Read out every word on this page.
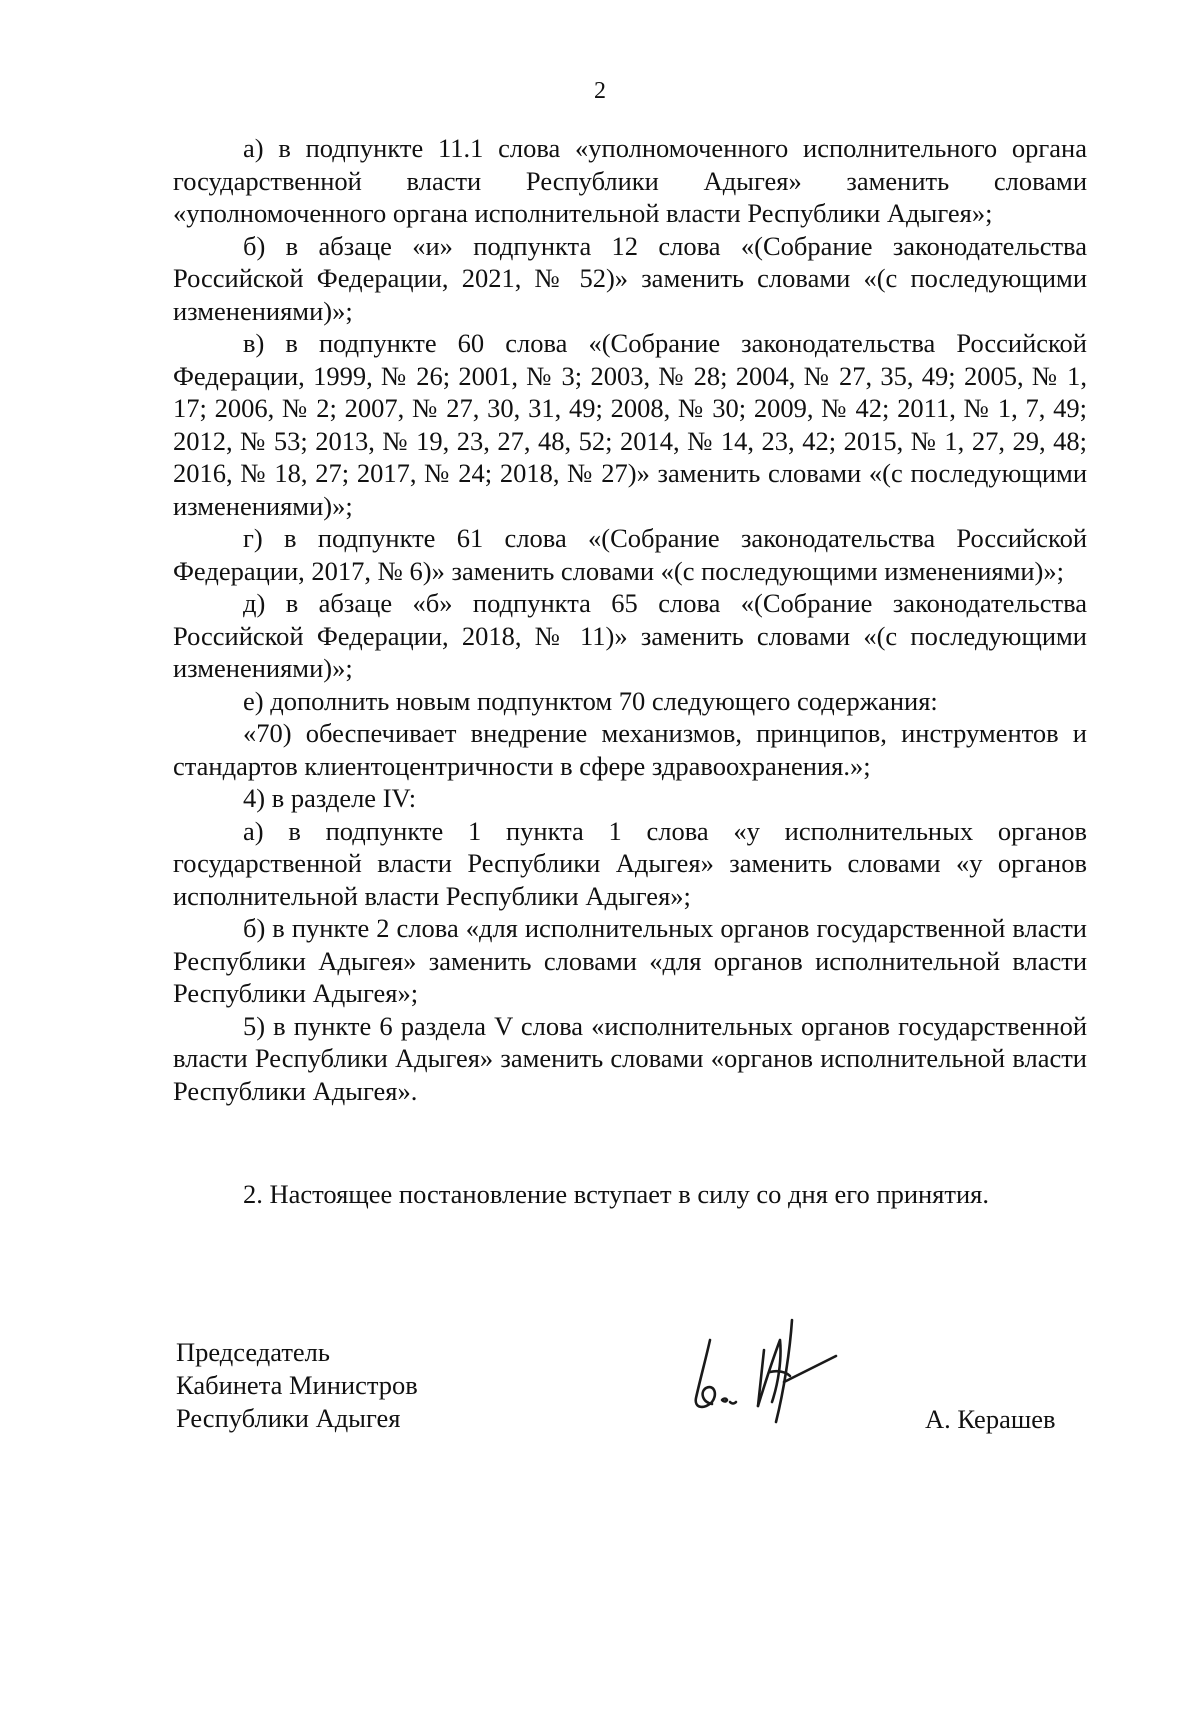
2

а) в подпункте 11.1 слова «уполномоченного исполнительного органа государственной власти Республики Адыгея» заменить словами «уполномоченного органа исполнительной власти Республики Адыгея»;

б) в абзаце «и» подпункта 12 слова «(Собрание законодательства Российской Федерации, 2021, № 52)» заменить словами «(с последующими изменениями)»;

в) в подпункте 60 слова «(Собрание законодательства Российской Федерации, 1999, № 26; 2001, № 3; 2003, № 28; 2004, № 27, 35, 49; 2005, № 1, 17; 2006, № 2; 2007, № 27, 30, 31, 49; 2008, № 30; 2009, № 42; 2011, № 1, 7, 49; 2012, № 53; 2013, № 19, 23, 27, 48, 52; 2014, № 14, 23, 42; 2015, № 1, 27, 29, 48; 2016, № 18, 27; 2017, № 24; 2018, № 27)» заменить словами «(с последующими изменениями)»;

г) в подпункте 61 слова «(Собрание законодательства Российской Федерации, 2017, № 6)» заменить словами «(с последующими изменениями)»;

д) в абзаце «б» подпункта 65 слова «(Собрание законодательства Российской Федерации, 2018, № 11)» заменить словами «(с последующими изменениями)»;

е) дополнить новым подпунктом 70 следующего содержания:

«70) обеспечивает внедрение механизмов, принципов, инструментов и стандартов клиентоцентричности в сфере здравоохранения.»;

4) в разделе IV:

а) в подпункте 1 пункта 1 слова «у исполнительных органов государственной власти Республики Адыгея» заменить словами «у органов исполнительной власти Республики Адыгея»;

б) в пункте 2 слова «для исполнительных органов государственной власти Республики Адыгея» заменить словами «для органов исполнительной власти Республики Адыгея»;

5) в пункте 6 раздела V слова «исполнительных органов государственной власти Республики Адыгея» заменить словами «органов исполнительной власти Республики Адыгея».

2. Настоящее постановление вступает в силу со дня его принятия.
Председатель
Кабинета Министров
Республики Адыгея	А. Керашев
